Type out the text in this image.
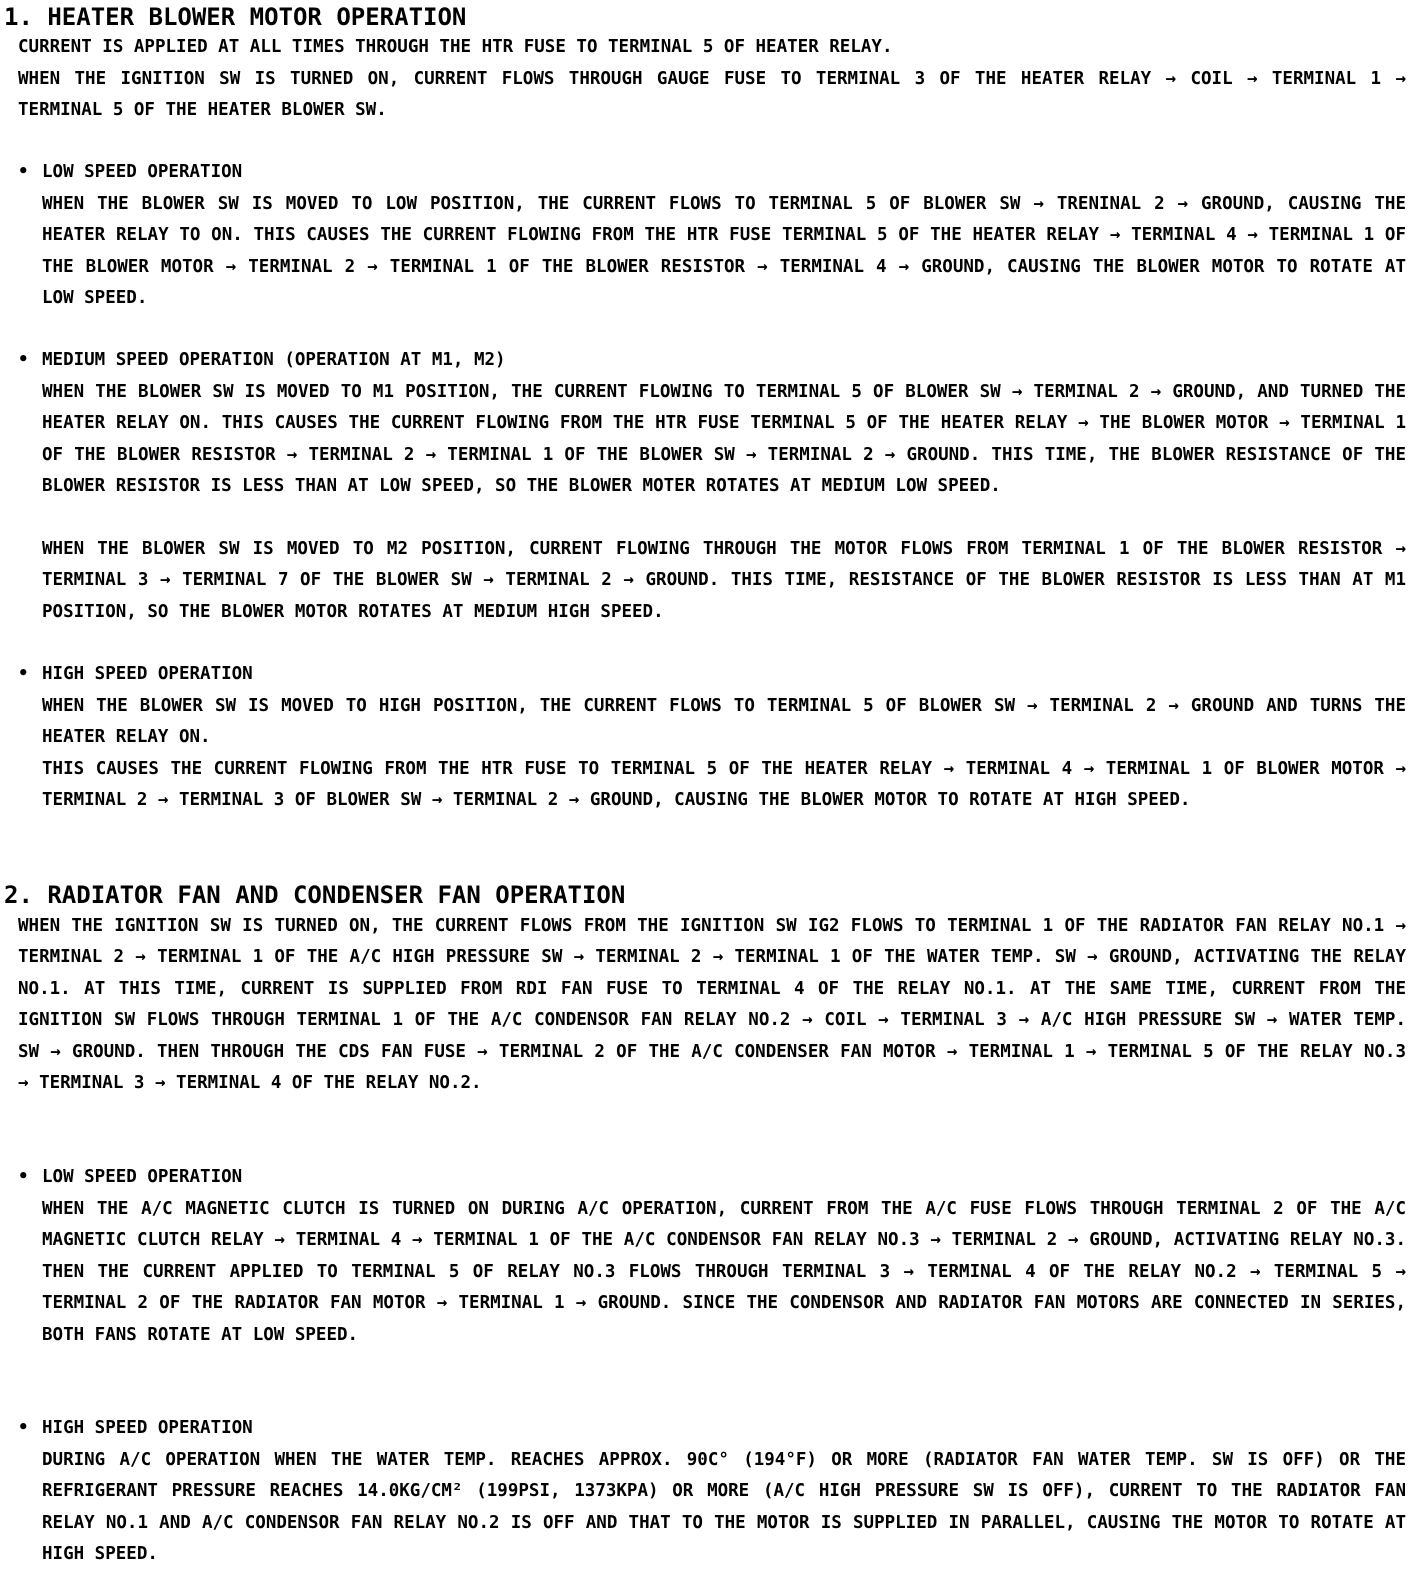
1. HEATER BLOWER MOTOR OPERATION

CURRENT IS APPLIED AT ALL TIMES THROUGH THE HTR FUSE TO TERMINAL 5 OF HEATER RELAY.

WHEN THE IGNITION SW IS TURNED ON, CURRENT FLOWS THROUGH GAUGE FUSE TO TERMINAL 3 OF THE HEATER RELAY → COIL → TERMINAL 1 → TERMINAL 5 OF THE HEATER BLOWER SW.

• LOW SPEED OPERATION

WHEN THE BLOWER SW IS MOVED TO LOW POSITION, THE CURRENT FLOWS TO TERMINAL 5 OF BLOWER SW → TRENINAL 2 → GROUND, CAUSING THE HEATER RELAY TO ON. THIS CAUSES THE CURRENT FLOWING FROM THE HTR FUSE TERMINAL 5 OF THE HEATER RELAY → TERMINAL 4 → TERMINAL 1 OF THE BLOWER MOTOR → TERMINAL 2 → TERMINAL 1 OF THE BLOWER RESISTOR → TERMINAL 4 → GROUND, CAUSING THE BLOWER MOTOR TO ROTATE AT LOW SPEED.

• MEDIUM SPEED OPERATION (OPERATION AT M1, M2)

WHEN THE BLOWER SW IS MOVED TO M1 POSITION, THE CURRENT FLOWING TO TERMINAL 5 OF BLOWER SW → TERMINAL 2 → GROUND, AND TURNED THE HEATER RELAY ON. THIS CAUSES THE CURRENT FLOWING FROM THE HTR FUSE TERMINAL 5 OF THE HEATER RELAY → THE BLOWER MOTOR → TERMINAL 1 OF THE BLOWER RESISTOR → TERMINAL 2 → TERMINAL 1 OF THE BLOWER SW → TERMINAL 2 → GROUND. THIS TIME, THE BLOWER RESISTANCE OF THE BLOWER RESISTOR IS LESS THAN AT LOW SPEED, SO THE BLOWER MOTER ROTATES AT MEDIUM LOW SPEED.

WHEN THE BLOWER SW IS MOVED TO M2 POSITION, CURRENT FLOWING THROUGH THE MOTOR FLOWS FROM TERMINAL 1 OF THE BLOWER RESISTOR → TERMINAL 3 → TERMINAL 7 OF THE BLOWER SW → TERMINAL 2 → GROUND. THIS TIME, RESISTANCE OF THE BLOWER RESISTOR IS LESS THAN AT M1 POSITION, SO THE BLOWER MOTOR ROTATES AT MEDIUM HIGH SPEED.

• HIGH SPEED OPERATION

WHEN THE BLOWER SW IS MOVED TO HIGH POSITION, THE CURRENT FLOWS TO TERMINAL 5 OF BLOWER SW → TERMINAL 2 → GROUND AND TURNS THE HEATER RELAY ON.

THIS CAUSES THE CURRENT FLOWING FROM THE HTR FUSE TO TERMINAL 5 OF THE HEATER RELAY → TERMINAL 4 → TERMINAL 1 OF BLOWER MOTOR → TERMINAL 2 → TERMINAL 3 OF BLOWER SW → TERMINAL 2 → GROUND, CAUSING THE BLOWER MOTOR TO ROTATE AT HIGH SPEED.

2. RADIATOR FAN AND CONDENSER FAN OPERATION

WHEN THE IGNITION SW IS TURNED ON, THE CURRENT FLOWS FROM THE IGNITION SW IG2 FLOWS TO TERMINAL 1 OF THE RADIATOR FAN RELAY NO.1 → TERMINAL 2 → TERMINAL 1 OF THE A/C HIGH PRESSURE SW → TERMINAL 2 → TERMINAL 1 OF THE WATER TEMP. SW → GROUND, ACTIVATING THE RELAY NO.1. AT THIS TIME, CURRENT IS SUPPLIED FROM RDI FAN FUSE TO TERMINAL 4 OF THE RELAY NO.1. AT THE SAME TIME, CURRENT FROM THE IGNITION SW FLOWS THROUGH TERMINAL 1 OF THE A/C CONDENSOR FAN RELAY NO.2 → COIL → TERMINAL 3 → A/C HIGH PRESSURE SW → WATER TEMP. SW → GROUND. THEN THROUGH THE CDS FAN FUSE → TERMINAL 2 OF THE A/C CONDENSER FAN MOTOR → TERMINAL 1 → TERMINAL 5 OF THE RELAY NO.3 → TERMINAL 3 → TERMINAL 4 OF THE RELAY NO.2.

• LOW SPEED OPERATION

WHEN THE A/C MAGNETIC CLUTCH IS TURNED ON DURING A/C OPERATION, CURRENT FROM THE A/C FUSE FLOWS THROUGH TERMINAL 2 OF THE A/C MAGNETIC CLUTCH RELAY → TERMINAL 4 → TERMINAL 1 OF THE A/C CONDENSOR FAN RELAY NO.3 → TERMINAL 2 → GROUND, ACTIVATING RELAY NO.3. THEN THE CURRENT APPLIED TO TERMINAL 5 OF RELAY NO.3 FLOWS THROUGH TERMINAL 3 → TERMINAL 4 OF THE RELAY NO.2 → TERMINAL 5 → TERMINAL 2 OF THE RADIATOR FAN MOTOR → TERMINAL 1 → GROUND. SINCE THE CONDENSOR AND RADIATOR FAN MOTORS ARE CONNECTED IN SERIES, BOTH FANS ROTATE AT LOW SPEED.

• HIGH SPEED OPERATION

DURING A/C OPERATION WHEN THE WATER TEMP. REACHES APPROX. 90C° (194°F) OR MORE (RADIATOR FAN WATER TEMP. SW IS OFF) OR THE REFRIGERANT PRESSURE REACHES 14.0KG/CM² (199PSI, 1373KPA) OR MORE (A/C HIGH PRESSURE SW IS OFF), CURRENT TO THE RADIATOR FAN RELAY NO.1 AND A/C CONDENSOR FAN RELAY NO.2 IS OFF AND THAT TO THE MOTOR IS SUPPLIED IN PARALLEL, CAUSING THE MOTOR TO ROTATE AT HIGH SPEED.
